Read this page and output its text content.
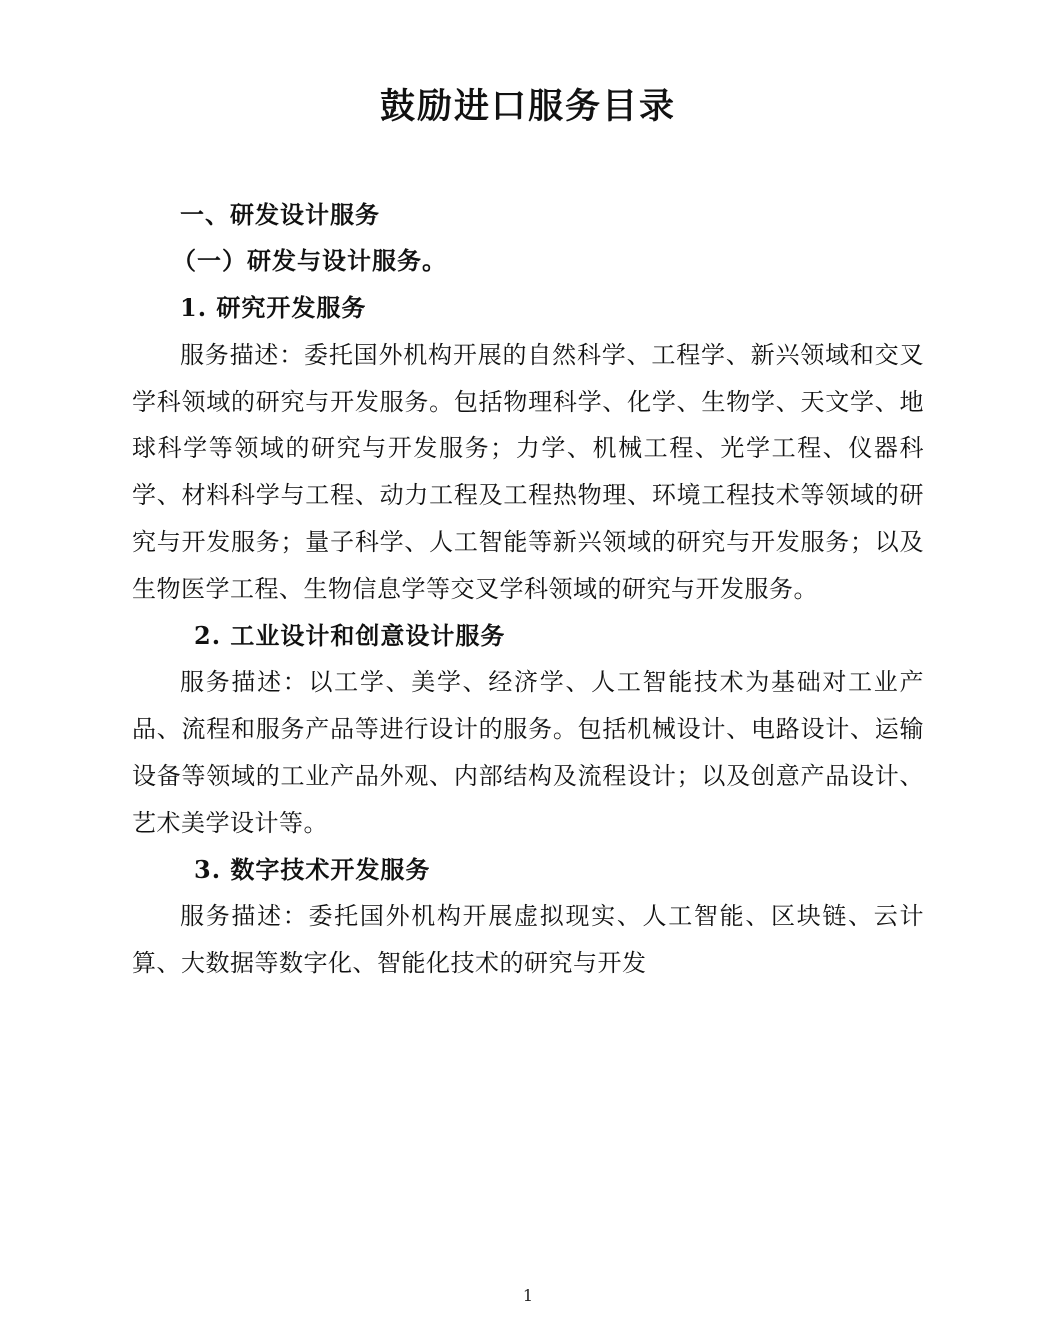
鼓励进口服务目录

一、研发设计服务

（一）研发与设计服务。

1. 研究开发服务

服务描述：委托国外机构开展的自然科学、工程学、新兴领域和交叉学科领域的研究与开发服务。包括物理科学、化学、生物学、天文学、地球科学等领域的研究与开发服务；力学、机械工程、光学工程、仪器科学、材料科学与工程、动力工程及工程热物理、环境工程技术等领域的研究与开发服务；量子科学、人工智能等新兴领域的研究与开发服务；以及生物医学工程、生物信息学等交叉学科领域的研究与开发服务。

2. 工业设计和创意设计服务

服务描述：以工学、美学、经济学、人工智能技术为基础对工业产品、流程和服务产品等进行设计的服务。包括机械设计、电路设计、运输设备等领域的工业产品外观、内部结构及流程设计；以及创意产品设计、艺术美学设计等。

3. 数字技术开发服务

服务描述：委托国外机构开展虚拟现实、人工智能、区块链、云计算、大数据等数字化、智能化技术的研究与开发

1
